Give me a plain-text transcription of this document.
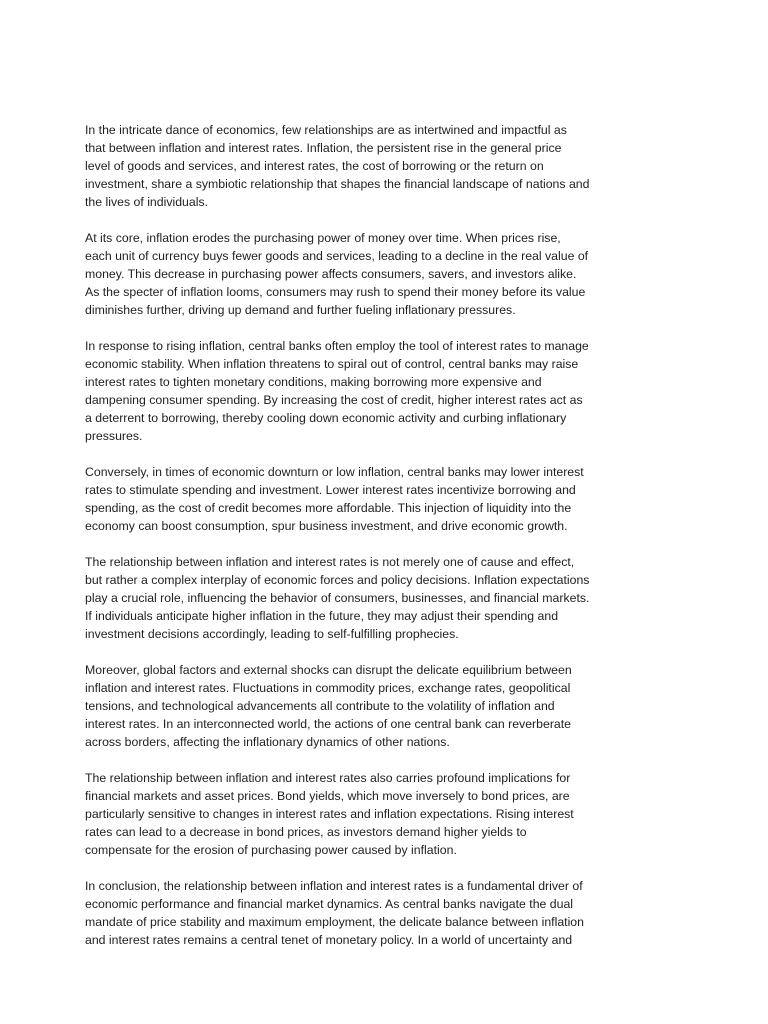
In the intricate dance of economics, few relationships are as intertwined and impactful as
that between inflation and interest rates. Inflation, the persistent rise in the general price
level of goods and services, and interest rates, the cost of borrowing or the return on
investment, share a symbiotic relationship that shapes the financial landscape of nations and
the lives of individuals.

At its core, inflation erodes the purchasing power of money over time. When prices rise,
each unit of currency buys fewer goods and services, leading to a decline in the real value of
money. This decrease in purchasing power affects consumers, savers, and investors alike.
As the specter of inflation looms, consumers may rush to spend their money before its value
diminishes further, driving up demand and further fueling inflationary pressures.

In response to rising inflation, central banks often employ the tool of interest rates to manage
economic stability. When inflation threatens to spiral out of control, central banks may raise
interest rates to tighten monetary conditions, making borrowing more expensive and
dampening consumer spending. By increasing the cost of credit, higher interest rates act as
a deterrent to borrowing, thereby cooling down economic activity and curbing inflationary
pressures.

Conversely, in times of economic downturn or low inflation, central banks may lower interest
rates to stimulate spending and investment. Lower interest rates incentivize borrowing and
spending, as the cost of credit becomes more affordable. This injection of liquidity into the
economy can boost consumption, spur business investment, and drive economic growth.

The relationship between inflation and interest rates is not merely one of cause and effect,
but rather a complex interplay of economic forces and policy decisions. Inflation expectations
play a crucial role, influencing the behavior of consumers, businesses, and financial markets.
If individuals anticipate higher inflation in the future, they may adjust their spending and
investment decisions accordingly, leading to self-fulfilling prophecies.

Moreover, global factors and external shocks can disrupt the delicate equilibrium between
inflation and interest rates. Fluctuations in commodity prices, exchange rates, geopolitical
tensions, and technological advancements all contribute to the volatility of inflation and
interest rates. In an interconnected world, the actions of one central bank can reverberate
across borders, affecting the inflationary dynamics of other nations.

The relationship between inflation and interest rates also carries profound implications for
financial markets and asset prices. Bond yields, which move inversely to bond prices, are
particularly sensitive to changes in interest rates and inflation expectations. Rising interest
rates can lead to a decrease in bond prices, as investors demand higher yields to
compensate for the erosion of purchasing power caused by inflation.

In conclusion, the relationship between inflation and interest rates is a fundamental driver of
economic performance and financial market dynamics. As central banks navigate the dual
mandate of price stability and maximum employment, the delicate balance between inflation
and interest rates remains a central tenet of monetary policy. In a world of uncertainty and
